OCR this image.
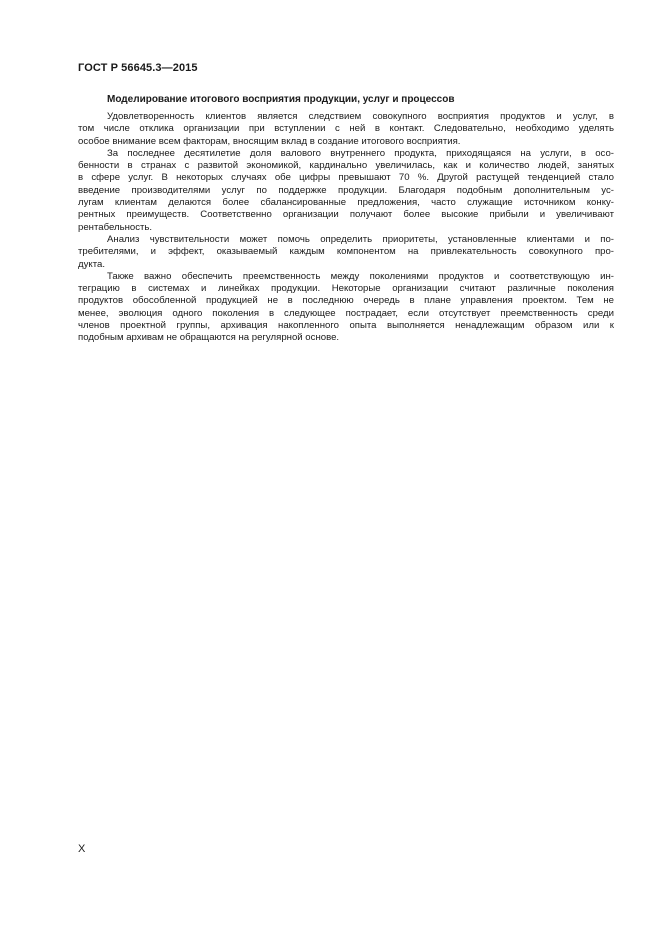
ГОСТ Р 56645.3—2015
Моделирование итогового восприятия продукции, услуг и процессов
Удовлетворенность клиентов является следствием совокупного восприятия продуктов и услуг, в
том числе отклика организации при вступлении с ней в контакт. Следовательно, необходимо уделять
особое внимание всем факторам, вносящим вклад в создание итогового восприятия.
За последнее десятилетие доля валового внутреннего продукта, приходящаяся на услуги, в осо-
бенности в странах с развитой экономикой, кардинально увеличилась, как и количество людей, занятых
в сфере услуг. В некоторых случаях обе цифры превышают 70 %. Другой растущей тенденцией стало
введение производителями услуг по поддержке продукции. Благодаря подобным дополнительным ус-
лугам клиентам делаются более сбалансированные предложения, часто служащие источником конку-
рентных преимуществ. Соответственно организации получают более высокие прибыли и увеличивают
рентабельность.
Анализ чувствительности может помочь определить приоритеты, установленные клиентами и по-
требителями, и эффект, оказываемый каждым компонентом на привлекательность совокупного про-
дукта.
Также важно обеспечить преемственность между поколениями продуктов и соответствующую ин-
теграцию в системах и линейках продукции. Некоторые организации считают различные поколения
продуктов обособленной продукцией не в последнюю очередь в плане управления проектом. Тем не
менее, эволюция одного поколения в следующее пострадает, если отсутствует преемственность среди
членов проектной группы, архивация накопленного опыта выполняется ненадлежащим образом или к
подобным архивам не обращаются на регулярной основе.
X
